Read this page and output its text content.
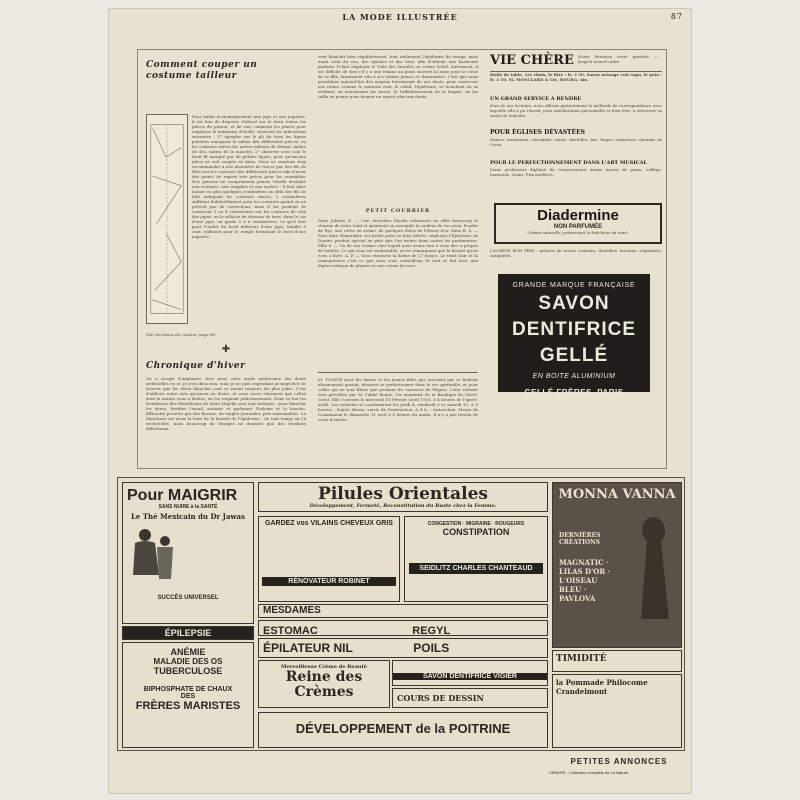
LA MODE ILLUSTRÉE	87
Comment couper un costume tailleur
Pour tailler économiquement une jupe et une jaquette, il est bon de disposer d'abord sur le tissu toutes les pièces du patron, et de voir comment les placer pour employer le minimum d'étoffe; observer les indications suivantes : 1° épingler sur le pli du tissu les lignes pointées marquant le milieu des différentes pièces, ou les contours suivis des autres milieux du devant, milieu du dos, milieu de la manche, 2° observer avec soin le droit fil marqué par de petites lignes, pour qu'aucune pièce ne soit coupée en biais. Nous ne saurions trop recommander à nos abonnées de tracer par des fils de bâti tous les contours des différentes pièces afin d'avoir des points de repère très précis pour les assembler. Nos patrons ne comprennent jamais l'étoffe destinée aux coutures, aux rempliés et aux ourlets : il faut donc laisser en plus quelques centimètres au delà des fils de bâti indiquant les contours exacts; 2 centimètres suffisent habituellement pour les coutures quand on ne prévoit pas de corrections, mais il est prudent de conserver 3 ou 4 centimètres sur les coutures de côté des jupes, ou le relâche du dessous de bras; dans le cas d'une jupe, on garde 5 à 6 centimètres, ce qu'il faut pour l'ourlet du bord inférieur d'une jupe, famille 3 cent. suffisent pour le rempli terminant le bord d'une jaquette.
Voir les tissus de couleur, page 89.
✚
Chronique d'hiver
On a essayé d'implanter chez nous cette mode américaine des dents artificielles en or. Je n'en dirai rien, mais je ne puis cependant m'empêcher de trouver que les dents blanches sont et seront toujours les plus jolies. C'est d'ailleurs notre avis qu'aucun ne doute, et vous savez sûrement que celles dont la nature vous a dotées, en les soignant judicieusement. Dans ce but les Dentifrices des Bénédictins du Mont Majella sont tout indiqués : pour blanchir les dents, fortifier l'émail, assainir et parfumer l'haleine et la bouche. Efficacité prouvée par des flacons, un emploi journalier, prix raisonnables. La blancheur est aussi la base de la beauté de l'épiderme : de tout temps on l'a recherchée, mais beaucoup de dosages ne donnent que des résultats défectueux.
veut blanchir bien régulièrement, tout seulement l'épiderme du visage, mais aussi celui du cou, des épaules et des bras, afin d'obtenir une harmonie parfaite. Il faut employer le Voile des Vestales ou crème Soleil. Autrement, il est difficile de dire s'il y a une femme au point souvent la mine pour le cœur de sa fille, laissement vite à ses teintes jeunes et charmantes. C'est que nous possédons aujourd'hui des moyens fournissant de nos dents, pour conserver nos tissus, comme le mauvais vent, le soleil, l'épiderme, se bouchent ou se vivifient, en nourrissant les tissus. Si l'affaiblissement de la langue, on les taille en pointe pour donner un aspect plus aux dents.
PETIT COURRIER
Mme Juliette D. — Une chevelure blonde rehaussée en effet beaucoup le charme de votre teint et ajusterait ou assouplir la couleur de vos yeux. Poudre de Ryz, une cérée en crème, de quelques fioles de l'Heure d'or. Mme B. S. — Pour faire disparaître ces petits poils ou bien follets, employez l'Épilatoire de Dusser, produit spécial en pâte que l'on trouve dans toutes les parfumeries. Mlle S. — Un de nos voisins chez lequel nous avons tant à vous dire à propos de toilette. Ce qui vous est souhaitable, en ne remarquant que la beauté qu'on vous a faite. A. P. — Vous réussirez la forme de 27 francs. Le teint clair et la transparence c'est ce que nous vous conseillons; le tout se fait avec une légère infusion de plantes et une crème de rose.
M. TUASTE pour les dames et les jeunes filles qui, envoient par ce bulletin abonnement gratuit, désirent se perfectionner dans le vie spirituelle, et pour celles qui ne sont libres que pendant les vacances de Pâques. Cette retraite sera précédée par M. l'abbé Reims, 1re aumônier de la Basilique du Sacré-Cœur. Elle s'ouvrira le mercredi 16 Février (avril 1916, à 4 heures de l'après-midi). Les retraites se continueront les jeudi 4, vendredi 9 et samedi 10. A 5 heures : Sainte Messe, suivie de l'instruction. A 4 h. : Instruction. Messe de Communion le dimanche 11 avril à 8 heures du matin. Il n'y a pas besoin de carte d'entrée.
VIE CHÈRE Notre livraison reste gratuite — jusqu'à nouvel ordre
Huile de table, 1re choix, le litre : fr. 3 50. Savon ménage cuit sapo, le pain : fr. 2 50. M. MONCLARD & Cie, BOURG, Ain.
UN GRAND SERVICE A RENDRE
d'un de nos lecteurs, nous offrons gratuitement la méthode de correspondance avec laquelle elle a pu réussir, pour amélioration personnelle et bien être, à retrouver sa santé de toujours.
POUR ÉGLISES DÉVASTÉES
Dames, ornements, chasubles, aubes, dentelles, bas, linges, statuettes, chemins de Croix.
POUR LE PERFECTIONNEMENT DANS L'ART MUSICAL
Jeune professeur diplômé du Conservatoire donne leçons de piano, solfège, harmonie, chant. Prix modérés.
Diadermine
NON PARFUMÉE
Crème naturelle, préservant la fraîcheur du teint.
J'ACHÈTE BON PRIX : pelures de toutes couleurs, dentelles, boutons, argenterie, antiquités.
GRANDE MARQUE FRANÇAISE
SAVON
DENTIFRICE
GELLÉ
EN BOITE ALUMINIUM
GELLÉ FRÈRES, PARIS
Pour MAIGRIR
SANS NUIRE à la SANTÉ
Le Thé Mexicain du Dr Jawas
SUCCÈS UNIVERSEL
ÉPILEPSIE
ANÉMIE
MALADIE DES OS
TUBERCULOSE
BIPHOSPHATE DE CHAUX
DES
FRÈRES MARISTES
Pilules Orientales
Développement, Fermeté, Reconstitution du Buste chez la Femme.
GARDEZ vos VILAINS CHEVEUX GRIS
RÉNOVATEUR ROBINET
CONGESTION · MIGRAINE · ROUGEURS
CONSTIPATION
SEIDLITZ CHARLES CHANTEAUD
MESDAMES
ESTOMAC	REGYL
ÉPILATEUR NIL	POILS
Merveilleuse Crème de Beauté
Reine des Crèmes
SAVON DENTIFRICE VIGIER
COURS DE DESSIN
DÉVELOPPEMENT de la POITRINE
MONNA VANNA
DERNIÈRES CRÉATIONS
MAGNATIC · LILAS D'OR · L'OISEAU BLEU · PAVLOVA
TIMIDITÉ
la Pommade Philocome Crandelmont
PETITES ANNONCES
VENDRE : Collection complète de La Nature.
